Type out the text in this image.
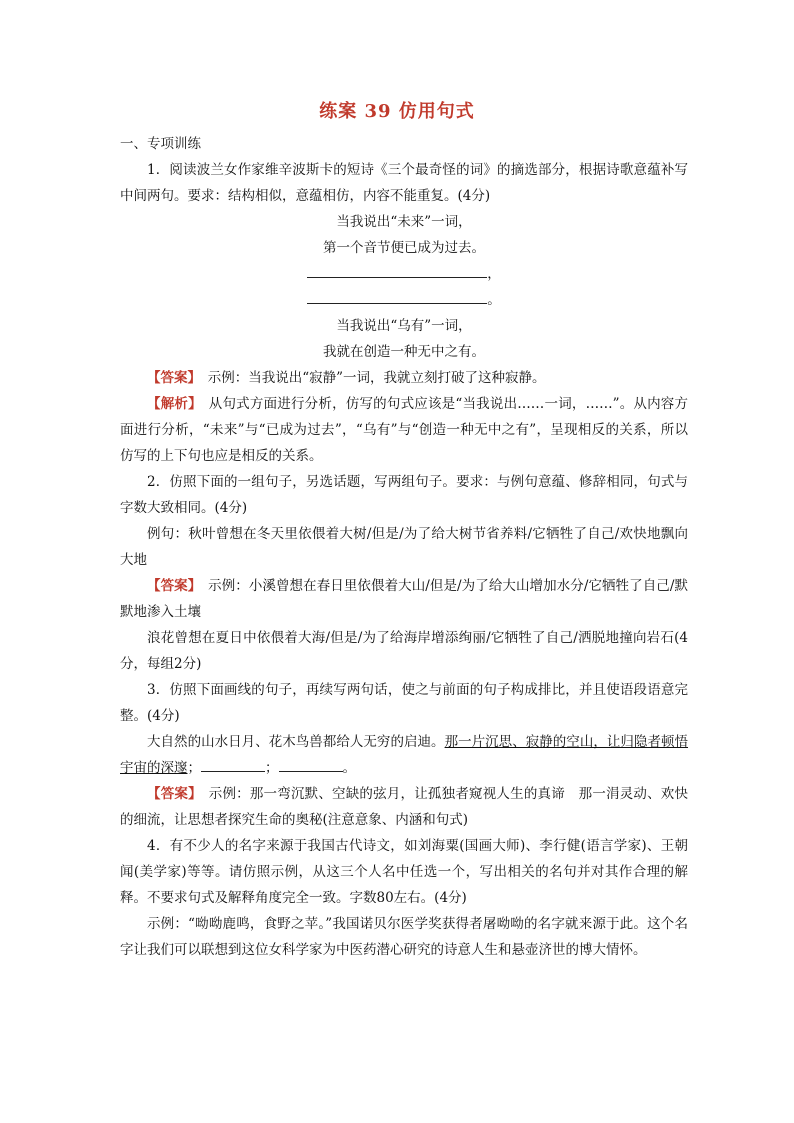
练案 39 仿用句式

一、专项训练

1．阅读波兰女作家维辛波斯卡的短诗《三个最奇怪的词》的摘选部分，根据诗歌意蕴补写中间两句。要求：结构相似，意蕴相仿，内容不能重复。(4分)

当我说出“未来”一词，

第一个音节便已成为过去。

，

。

当我说出“乌有”一词，

我就在创造一种无中之有。

【答案】　 示例：当我说出“寂静”一词，我就立刻打破了这种寂静。

【解析】　 从句式方面进行分析，仿写的句式应该是“当我说出……一词，……”。从内容方面进行分析，“未来”与“已成为过去”，“乌有”与“创造一种无中之有”，呈现相反的关系，所以仿写的上下句也应是相反的关系。

2．仿照下面的一组句子，另选话题，写两组句子。要求：与例句意蕴、修辞相同，句式与字数大致相同。(4分)

例句：秋叶曾想在冬天里依偎着大树/但是/为了给大树节省养料/它牺牲了自己/欢快地飘向大地

【答案】　 示例：小溪曾想在春日里依偎着大山/但是/为了给大山增加水分/它牺牲了自己/默默地渗入土壤

浪花曾想在夏日中依偎着大海/但是/为了给海岸增添绚丽/它牺牲了自己/洒脱地撞向岩石(4分，每组2分)

3．仿照下面画线的句子，再续写两句话，使之与前面的句子构成排比，并且使语段语意完整。(4分)

大自然的山水日月、花木鸟兽都给人无穷的启迪。那一片沉思、寂静的空山，让归隐者顿悟宇宙的深邃；	；	。

【答案】　 示例：那一弯沉默、空缺的弦月，让孤独者窥视人生的真谛　那一涓灵动、欢快的细流，让思想者探究生命的奥秘(注意意象、内涵和句式)

4．有不少人的名字来源于我国古代诗文，如刘海粟(国画大师)、李行健(语言学家)、王朝闻(美学家)等等。请仿照示例，从这三个人名中任选一个，写出相关的名句并对其作合理的解释。不要求句式及解释角度完全一致。字数80左右。(4分)

示例：“呦呦鹿鸣，食野之苹。”我国诺贝尔医学奖获得者屠呦呦的名字就来源于此。这个名字让我们可以联想到这位女科学家为中医药潜心研究的诗意人生和悬壶济世的博大情怀。
